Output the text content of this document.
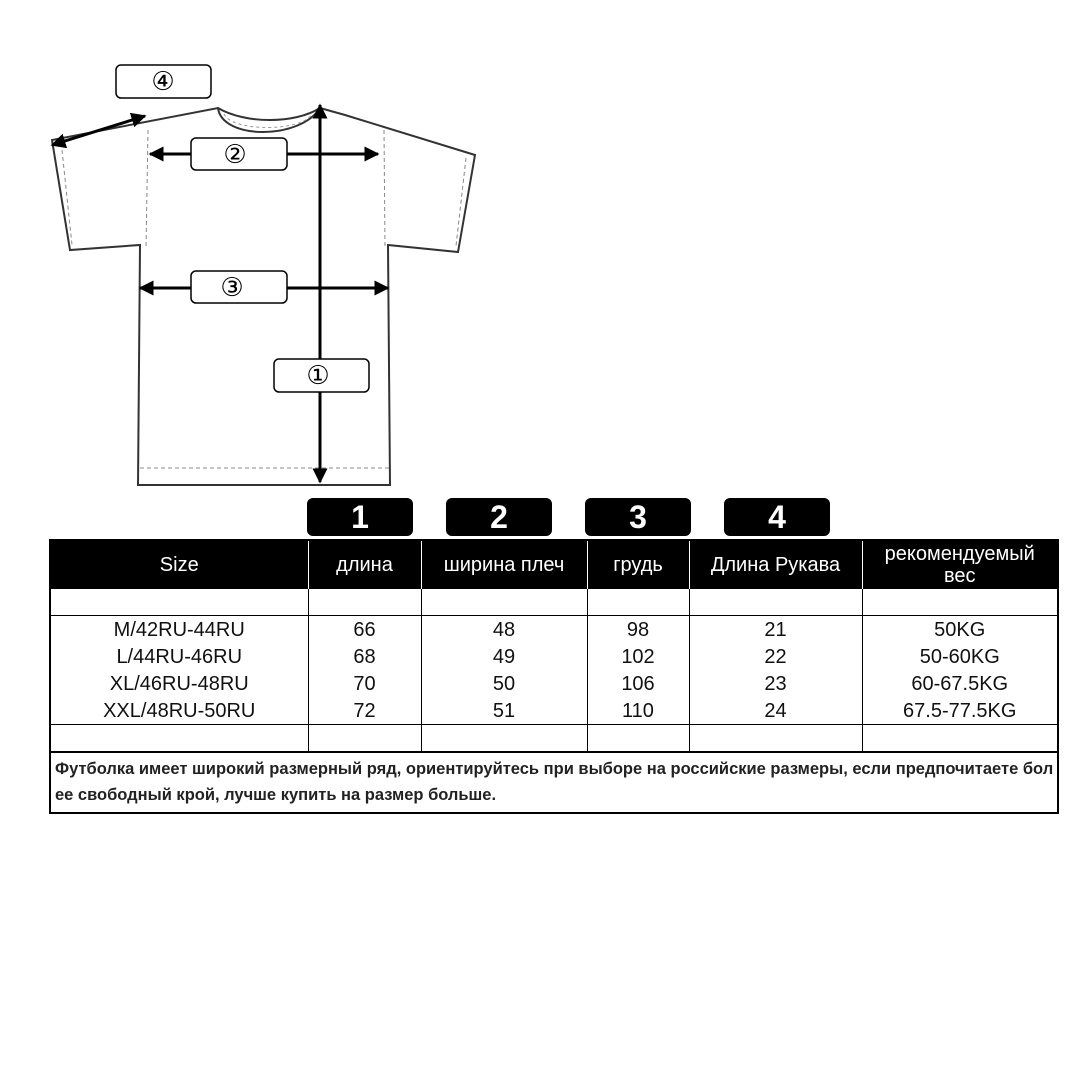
④
②
③
①
1	2	3	4
Size	длина	ширина плеч	грудь	Длина Рукава	рекомендуемый вес

M/42RU-44RU	66	48	98	21	50KG
L/44RU-46RU	68	49	102	22	50-60KG
XL/46RU-48RU	70	50	106	23	60-67.5KG
XXL/48RU-50RU	72	51	110	24	67.5-77.5KG

Футболка имеет широкий размерный ряд, ориентируйтесь при выборе на российские размеры, если предпочитаете более свободный крой, лучше купить на размер больше.					
